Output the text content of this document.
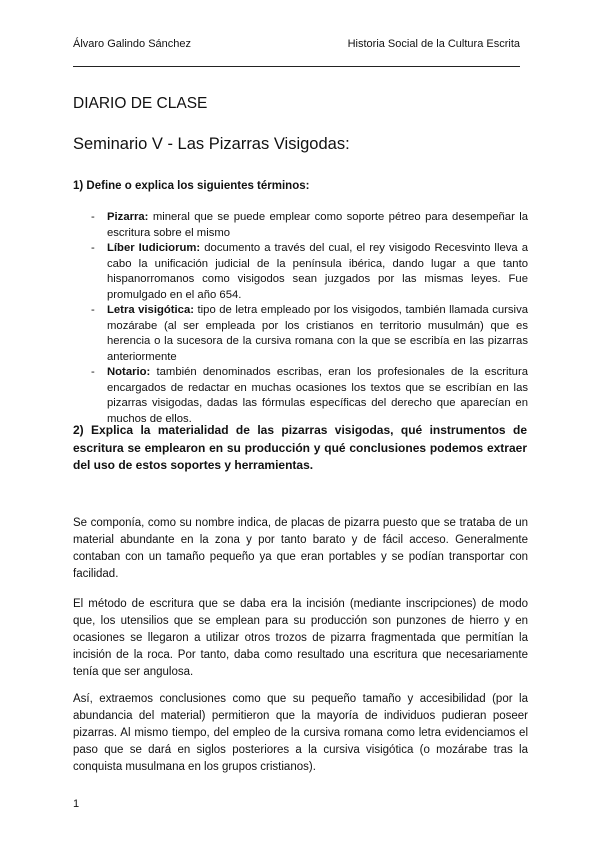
Álvaro Galindo Sánchez	Historia Social de la Cultura Escrita
DIARIO DE CLASE
Seminario V - Las Pizarras Visigodas:

1) Define o explica los siguientes términos:

- Pizarra: mineral que se puede emplear como soporte pétreo para desempeñar la escritura sobre el mismo
- Líber Iudiciorum: documento a través del cual, el rey visigodo Recesvinto lleva a cabo la unificación judicial de la península ibérica, dando lugar a que tanto hispanorromanos como visigodos sean juzgados por las mismas leyes. Fue promulgado en el año 654.
- Letra visigótica: tipo de letra empleado por los visigodos, también llamada cursiva mozárabe (al ser empleada por los cristianos en territorio musulmán) que es herencia o la sucesora de la cursiva romana con la que se escribía en las pizarras anteriormente
- Notario: también denominados escribas, eran los profesionales de la escritura encargados de redactar en muchas ocasiones los textos que se escribían en las pizarras visigodas, dadas las fórmulas específicas del derecho que aparecían en muchos de ellos.

2) Explica la materialidad de las pizarras visigodas, qué instrumentos de escritura se emplearon en su producción y qué conclusiones podemos extraer del uso de estos soportes y herramientas.

Se componía, como su nombre indica, de placas de pizarra puesto que se trataba de un material abundante en la zona y por tanto barato y de fácil acceso. Generalmente contaban con un tamaño pequeño ya que eran portables y se podían transportar con facilidad.

El método de escritura que se daba era la incisión (mediante inscripciones) de modo que, los utensilios que se emplean para su producción son punzones de hierro y en ocasiones se llegaron a utilizar otros trozos de pizarra fragmentada que permitían la incisión de la roca. Por tanto, daba como resultado una escritura que necesariamente tenía que ser angulosa.

Así, extraemos conclusiones como que su pequeño tamaño y accesibilidad (por la abundancia del material) permitieron que la mayoría de individuos pudieran poseer pizarras. Al mismo tiempo, del empleo de la cursiva romana como letra evidenciamos el paso que se dará en siglos posteriores a la cursiva visigótica (o mozárabe tras la conquista musulmana en los grupos cristianos).

1
